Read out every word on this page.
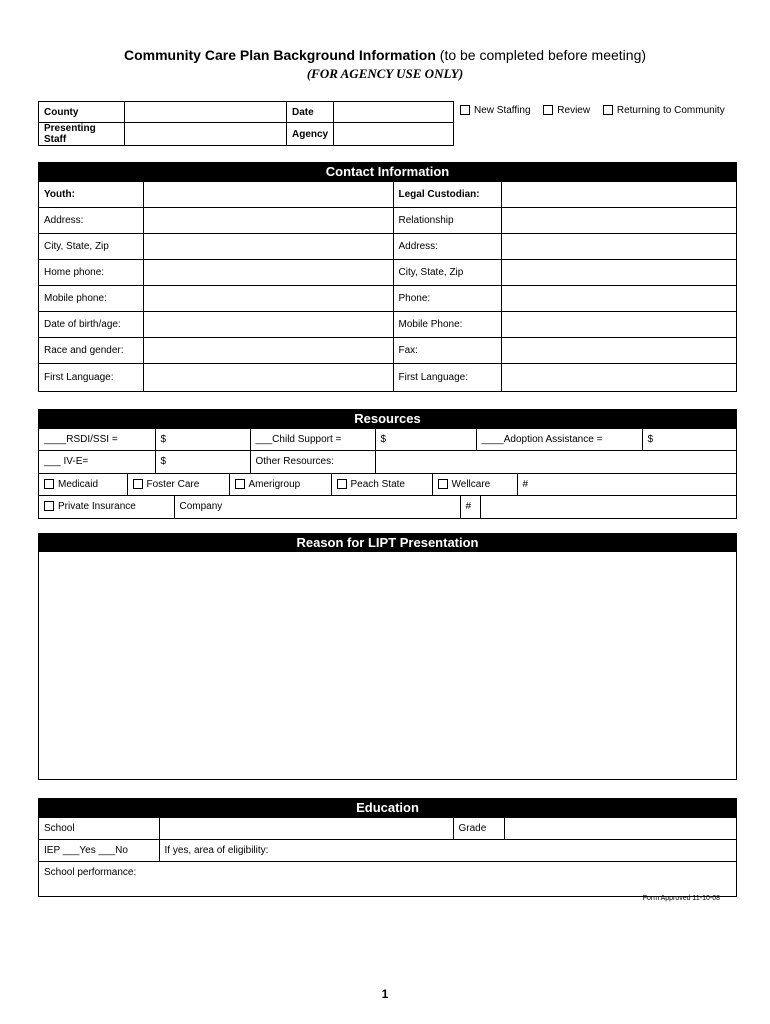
Community Care Plan Background Information (to be completed before meeting)
(FOR AGENCY USE ONLY)
County		Date	
Presenting Staff		Agency	
New Staffing	Review	Returning to Community
Contact Information
Youth:		Legal Custodian:	
Address:		Relationship	
City, State, Zip		Address:	
Home phone:		City, State, Zip	
Mobile phone:		Phone:	
Date of birth/age:		Mobile Phone:	
Race and gender:		Fax:	
First Language:		First Language:	
Resources
____RSDI/SSI =	$	___Child Support =	$	____Adoption Assistance =	$
___ IV-E=	$	Other Resources:			
Medicaid	Foster Care	Amerigroup	Peach State	Wellcare	#
Private Insurance	Company		#	
Reason for LIPT Presentation
Education
School		Grade	
IEP ___Yes ___No	If yes, area of eligibility:		
School performance:			
Form Approved 11-10-08
1
